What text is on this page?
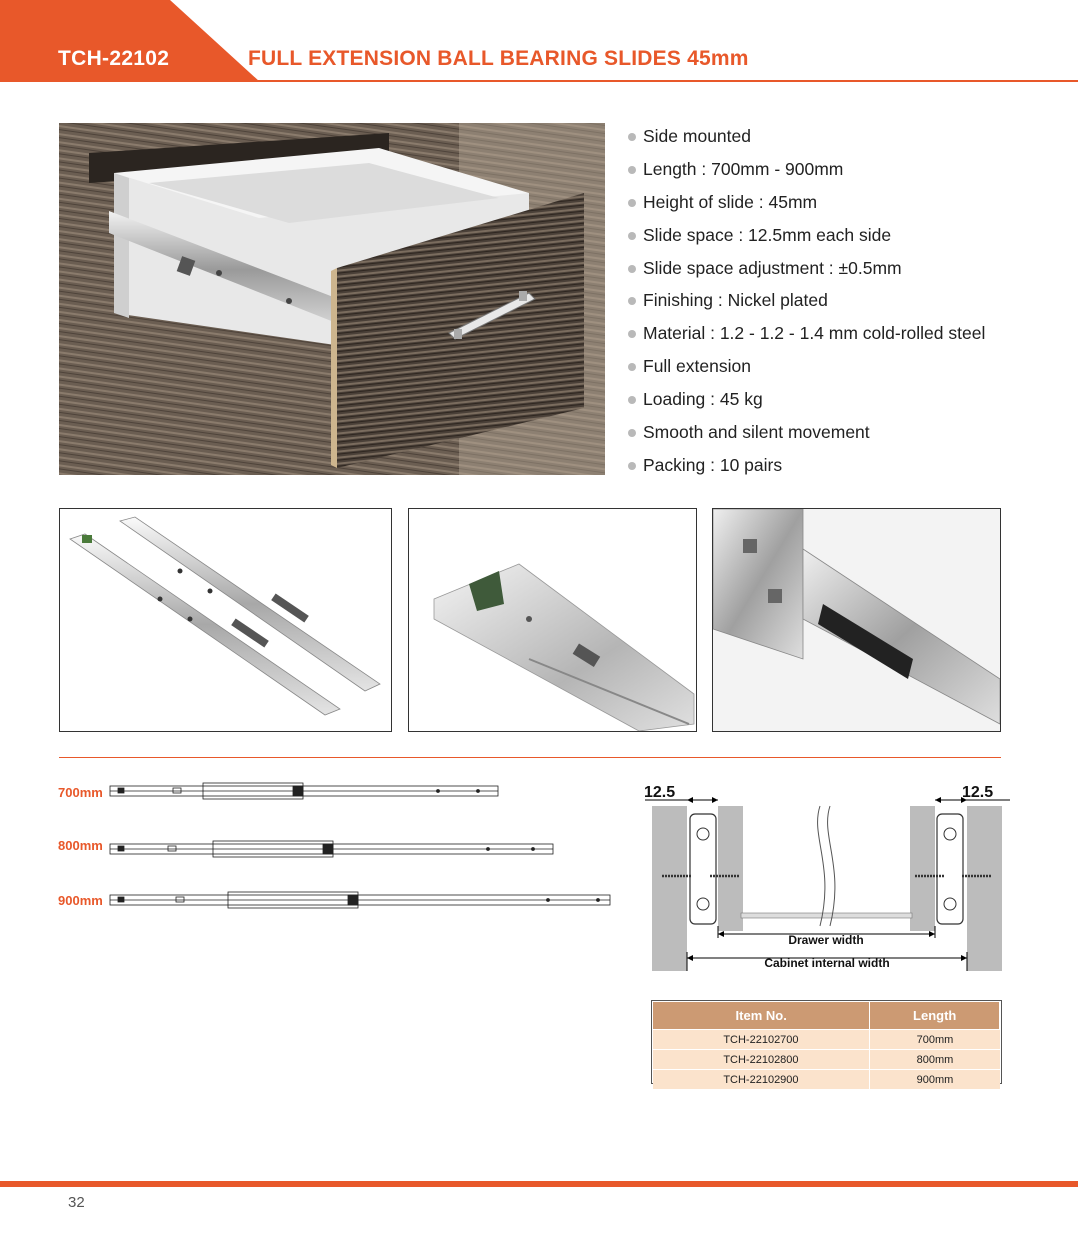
TCH-22102	FULL EXTENSION BALL BEARING SLIDES 45mm
Side mounted
Length : 700mm - 900mm
Height of slide : 45mm
Slide space : 12.5mm each side
Slide space adjustment : ±0.5mm
Finishing : Nickel plated
Material : 1.2 - 1.2 - 1.4 mm cold-rolled steel
Full extension
Loading : 45 kg
Smooth and silent movement
Packing : 10 pairs
700mm
800mm
900mm
12.5	12.5
Drawer width
Cabinet internal width
Item No.	Length
TCH-22102700	700mm
TCH-22102800	800mm
TCH-22102900	900mm
32
